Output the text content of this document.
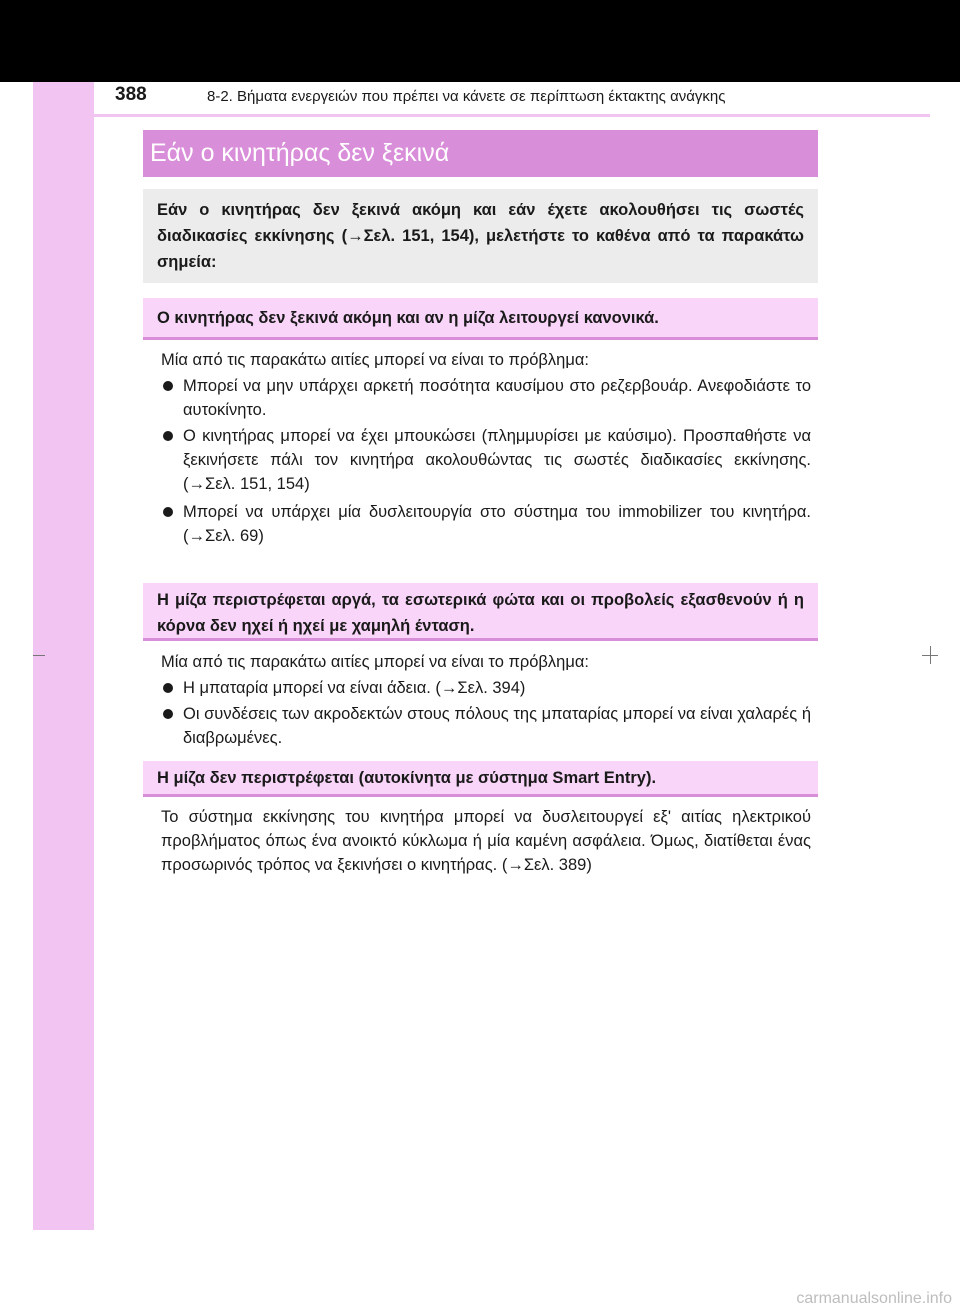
388	8-2. Βήματα ενεργειών που πρέπει να κάνετε σε περίπτωση έκτακτης ανάγκης
Εάν ο κινητήρας δεν ξεκινά
Εάν ο κινητήρας δεν ξεκινά ακόμη και εάν έχετε ακολουθήσει τις σωστές διαδικασίες εκκίνησης (→Σελ. 151, 154), μελετήστε το καθένα από τα παρακάτω σημεία:
Ο κινητήρας δεν ξεκινά ακόμη και αν η μίζα λειτουργεί κανονικά.
Μία από τις παρακάτω αιτίες μπορεί να είναι το πρόβλημα:
Μπορεί να μην υπάρχει αρκετή ποσότητα καυσίμου στο ρεζερβουάρ. Ανεφοδιάστε το αυτοκίνητο.
Ο κινητήρας μπορεί να έχει μπουκώσει (πλημμυρίσει με καύσιμο). Προσπαθήστε να ξεκινήσετε πάλι τον κινητήρα ακολουθώντας τις σωστές διαδικασίες εκκίνησης. (→Σελ. 151, 154)
Μπορεί να υπάρχει μία δυσλειτουργία στο σύστημα του immobilizer του κινητήρα. (→Σελ. 69)
Η μίζα περιστρέφεται αργά, τα εσωτερικά φώτα και οι προβολείς εξασθενούν ή η κόρνα δεν ηχεί ή ηχεί με χαμηλή ένταση.
Μία από τις παρακάτω αιτίες μπορεί να είναι το πρόβλημα:
Η μπαταρία μπορεί να είναι άδεια. (→Σελ. 394)
Οι συνδέσεις των ακροδεκτών στους πόλους της μπαταρίας μπορεί να είναι χαλαρές ή διαβρωμένες.
Η μίζα δεν περιστρέφεται (αυτοκίνητα με σύστημα Smart Entry).
Το σύστημα εκκίνησης του κινητήρα μπορεί να δυσλειτουργεί εξ' αιτίας ηλεκτρικού προβλήματος όπως ένα ανοικτό κύκλωμα ή μία καμένη ασφάλεια. Όμως, διατίθεται ένας προσωρινός τρόπος να ξεκινήσει ο κινητήρας. (→Σελ. 389)
carmanualsonline.info
